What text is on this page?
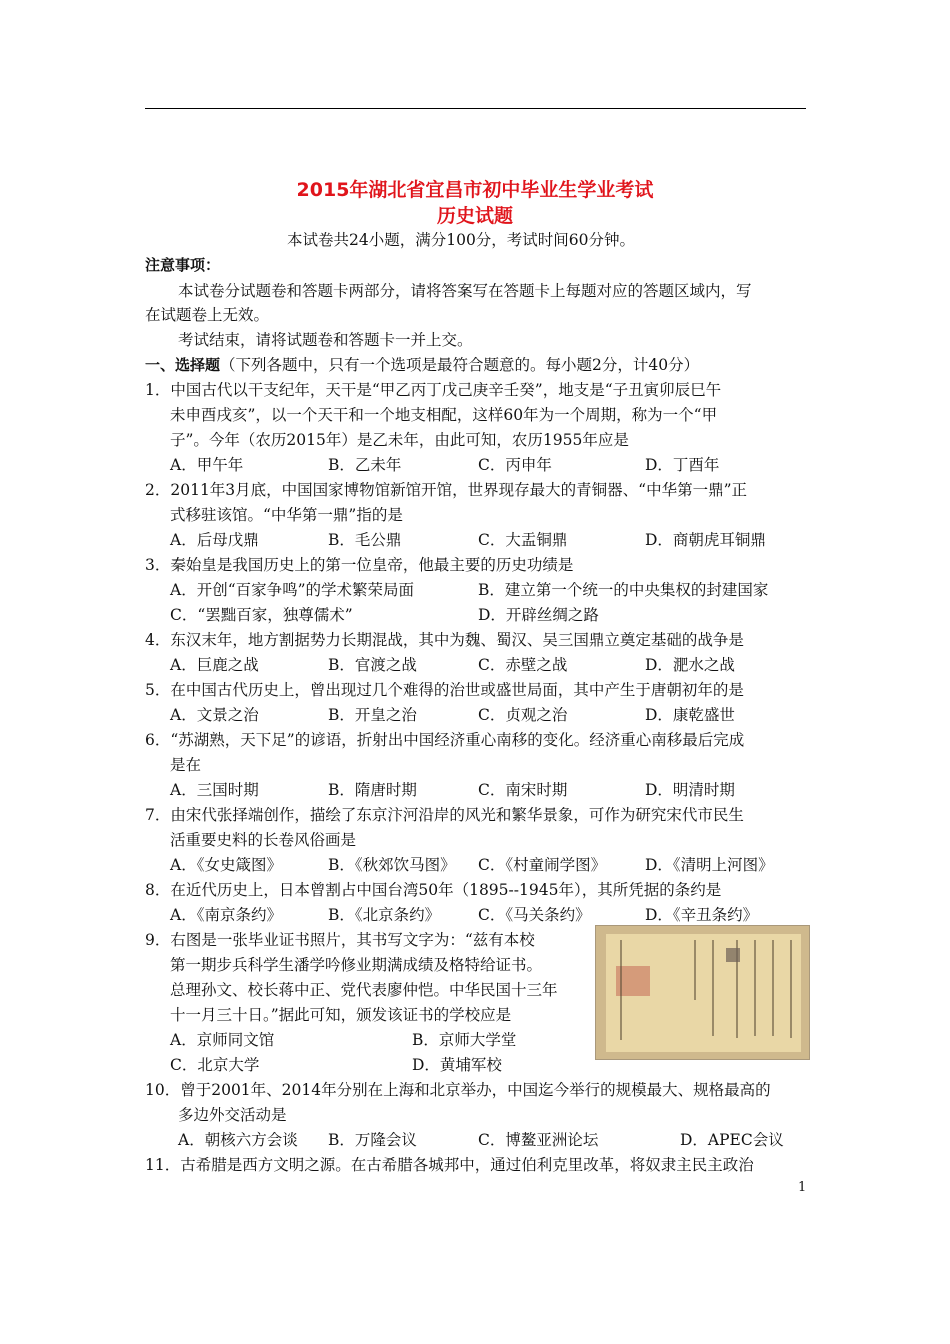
2015年湖北省宜昌市初中毕业生学业考试
历史试题
本试卷共24小题，满分100分，考试时间60分钟。
注意事项：
本试卷分试题卷和答题卡两部分，请将答案写在答题卡上每题对应的答题区域内，写
在试题卷上无效。
考试结束，请将试题卷和答题卡一并上交。
一、选择题（下列各题中，只有一个选项是最符合题意的。每小题2分，计40分）
1．中国古代以干支纪年，天干是“甲乙丙丁戊己庚辛壬癸”，地支是“子丑寅卯辰巳午
未申酉戌亥”，以一个天干和一个地支相配，这样60年为一个周期，称为一个“甲
子”。今年（农历2015年）是乙未年，由此可知，农历1955年应是
A．甲午年	B．乙未年	C．丙申年	D．丁酉年
2．2011年3月底，中国国家博物馆新馆开馆，世界现存最大的青铜器、“中华第一鼎”正
式移驻该馆。“中华第一鼎”指的是
A．后母戊鼎	B．毛公鼎	C．大盂铜鼎	D．商朝虎耳铜鼎
3．秦始皇是我国历史上的第一位皇帝，他最主要的历史功绩是
A．开创“百家争鸣”的学术繁荣局面	B．建立第一个统一的中央集权的封建国家
C．“罢黜百家，独尊儒术”	D．开辟丝绸之路
4．东汉末年，地方割据势力长期混战，其中为魏、蜀汉、吴三国鼎立奠定基础的战争是
A．巨鹿之战	B．官渡之战	C．赤壁之战	D．淝水之战
5．在中国古代历史上，曾出现过几个难得的治世或盛世局面，其中产生于唐朝初年的是
A．文景之治	B．开皇之治	C．贞观之治	D．康乾盛世
6．“苏湖熟，天下足”的谚语，折射出中国经济重心南移的变化。经济重心南移最后完成
是在
A．三国时期	B．隋唐时期	C．南宋时期	D．明清时期
7．由宋代张择端创作，描绘了东京汴河沿岸的风光和繁华景象，可作为研究宋代市民生
活重要史料的长卷风俗画是
A．《女史箴图》	B．《秋郊饮马图》 C．《村童闹学图》	D．《清明上河图》
8．在近代历史上，日本曾割占中国台湾50年（1895--1945年），其所凭据的条约是
A．《南京条约》	B．《北京条约》 C．《马关条约》	D．《辛丑条约》
9．右图是一张毕业证书照片，其书写文字为：“兹有本校
第一期步兵科学生潘学吟修业期满成绩及格特给证书。
总理孙文、校长蒋中正、党代表廖仲恺。中华民国十三年
十一月三十日。”据此可知，颁发该证书的学校应是
A．京师同文馆	B．京师大学堂
C．北京大学	D．黄埔军校
10．曾于2001年、2014年分别在上海和北京举办，中国迄今举行的规模最大、规格最高的
多边外交活动是
A．朝核六方会谈 B．万隆会议	C．博鳌亚洲论坛	D．APEC会议
11．古希腊是西方文明之源。在古希腊各城邦中，通过伯利克里改革，将奴隶主民主政治
1
